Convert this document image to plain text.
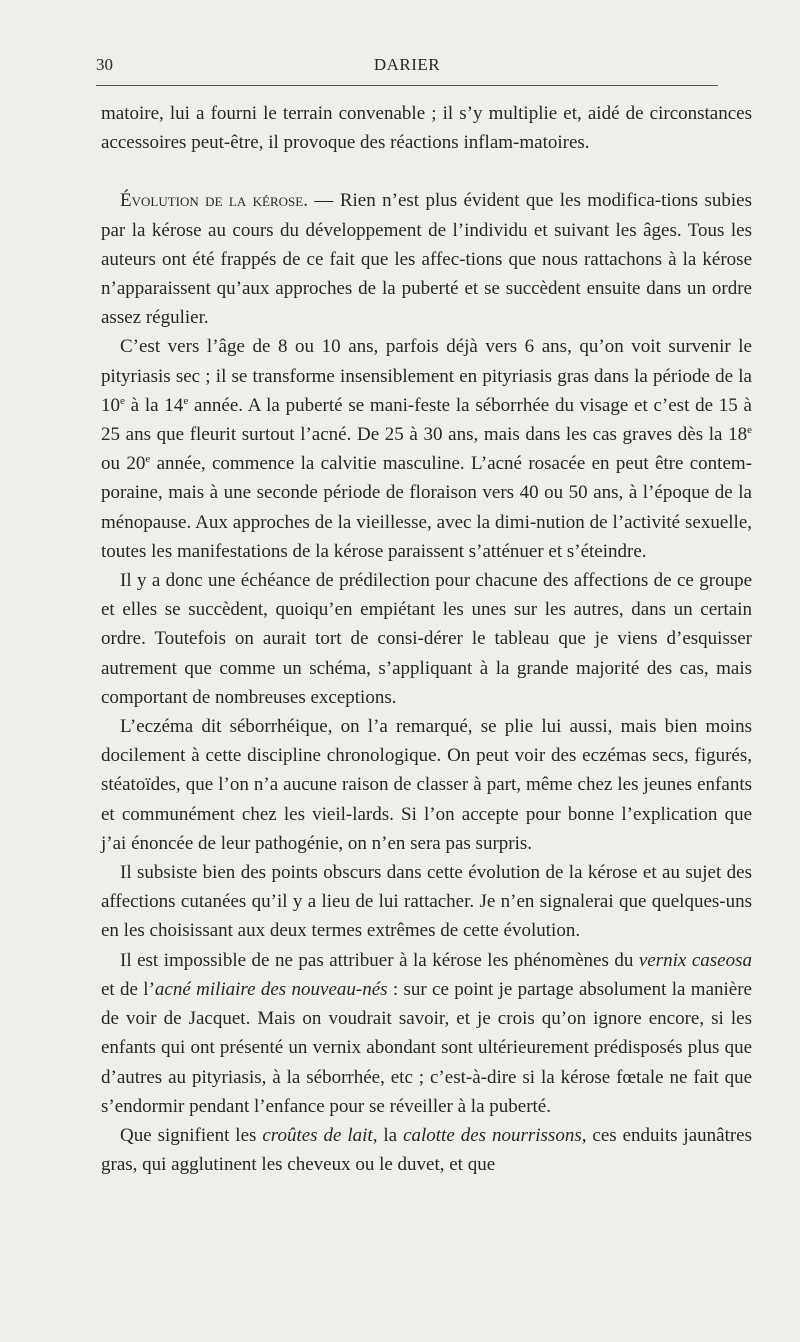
30	DARIER

matoire, lui a fourni le terrain convenable ; il s’y multiplie et, aidé de circonstances accessoires peut-être, il provoque des réactions inflam-matoires.

Évolution de la kérose. — Rien n’est plus évident que les modifica-tions subies par la kérose au cours du développement de l’individu et suivant les âges. Tous les auteurs ont été frappés de ce fait que les affec-tions que nous rattachons à la kérose n’apparaissent qu’aux approches de la puberté et se succèdent ensuite dans un ordre assez régulier.

C’est vers l’âge de 8 ou 10 ans, parfois déjà vers 6 ans, qu’on voit survenir le pityriasis sec ; il se transforme insensiblement en pityriasis gras dans la période de la 10e à la 14e année. A la puberté se mani-feste la séborrhée du visage et c’est de 15 à 25 ans que fleurit surtout l’acné. De 25 à 30 ans, mais dans les cas graves dès la 18e ou 20e année, commence la calvitie masculine. L’acné rosacée en peut être contem-poraine, mais à une seconde période de floraison vers 40 ou 50 ans, à l’époque de la ménopause. Aux approches de la vieillesse, avec la dimi-nution de l’activité sexuelle, toutes les manifestations de la kérose paraissent s’atténuer et s’éteindre.

Il y a donc une échéance de prédilection pour chacune des affections de ce groupe et elles se succèdent, quoiqu’en empiétant les unes sur les autres, dans un certain ordre. Toutefois on aurait tort de consi-dérer le tableau que je viens d’esquisser autrement que comme un schéma, s’appliquant à la grande majorité des cas, mais comportant de nombreuses exceptions.

L’eczéma dit séborrhéique, on l’a remarqué, se plie lui aussi, mais bien moins docilement à cette discipline chronologique. On peut voir des eczémas secs, figurés, stéatoïdes, que l’on n’a aucune raison de classer à part, même chez les jeunes enfants et communément chez les vieil-lards. Si l’on accepte pour bonne l’explication que j’ai énoncée de leur pathogénie, on n’en sera pas surpris.

Il subsiste bien des points obscurs dans cette évolution de la kérose et au sujet des affections cutanées qu’il y a lieu de lui rattacher. Je n’en signalerai que quelques-uns en les choisissant aux deux termes extrêmes de cette évolution.

Il est impossible de ne pas attribuer à la kérose les phénomènes du vernix caseosa et de l’acné miliaire des nouveau-nés : sur ce point je partage absolument la manière de voir de Jacquet. Mais on voudrait savoir, et je crois qu’on ignore encore, si les enfants qui ont présenté un vernix abondant sont ultérieurement prédisposés plus que d’autres au pityriasis, à la séborrhée, etc ; c’est-à-dire si la kérose fœtale ne fait que s’endormir pendant l’enfance pour se réveiller à la puberté.

Que signifient les croûtes de lait, la calotte des nourrissons, ces enduits jaunâtres gras, qui agglutinent les cheveux ou le duvet, et que
